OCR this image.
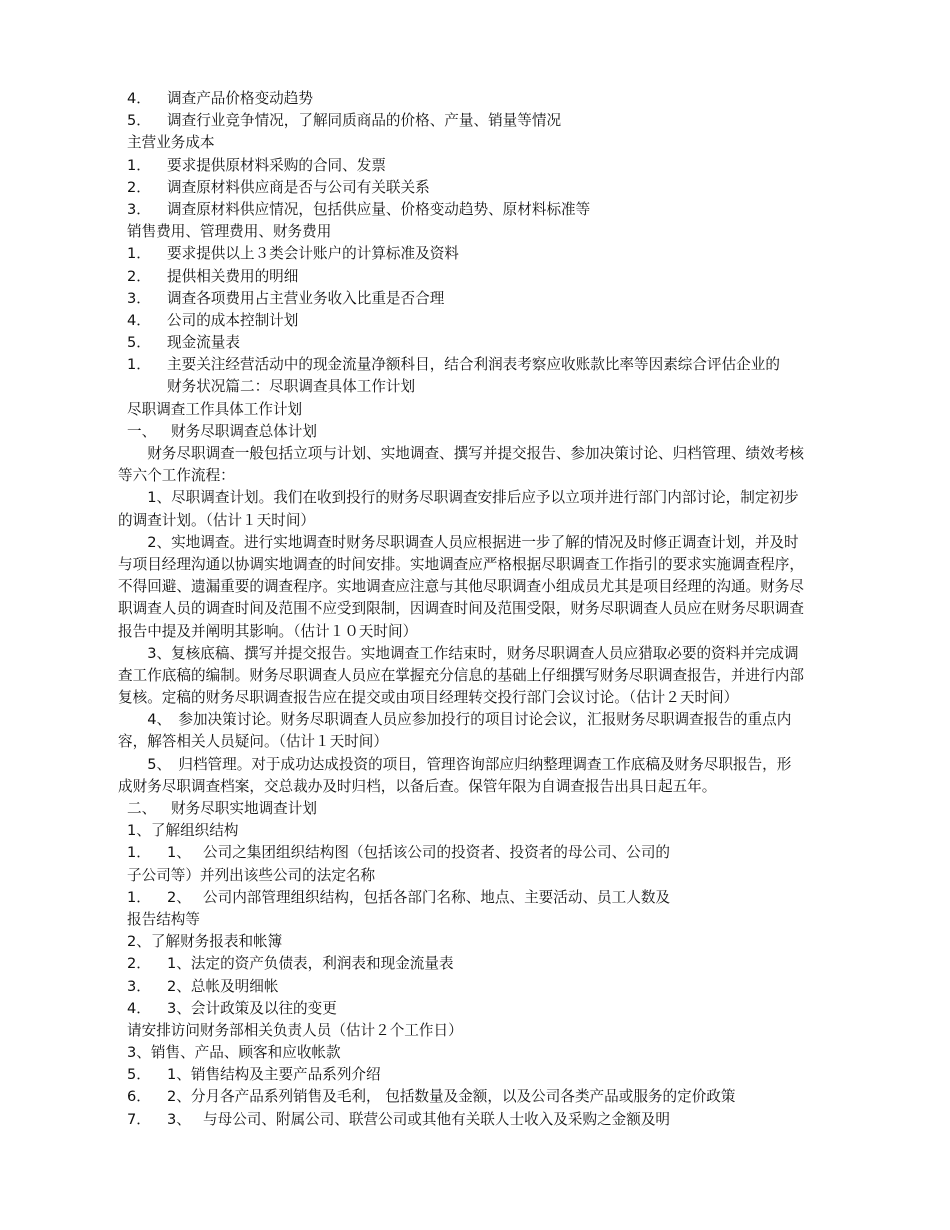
4． 调查产品价格变动趋势
5． 调查行业竞争情况，了解同质商品的价格、产量、销量等情况
主营业务成本
1． 要求提供原材料采购的合同、发票
2． 调查原材料供应商是否与公司有关联关系
3． 调查原材料供应情况，包括供应量、价格变动趋势、原材料标准等
销售费用、管理费用、财务费用
1． 要求提供以上３类会计账户的计算标准及资料
2． 提供相关费用的明细
3． 调查各项费用占主营业务收入比重是否合理
4． 公司的成本控制计划
5． 现金流量表
1． 主要关注经营活动中的现金流量净额科目，结合利润表考察应收账款比率等因素综合评估企业的
财务状况篇二：尽职调查具体工作计划
尽职调查工作具体工作计划
一、 财务尽职调查总体计划
　　财务尽职调查一般包括立项与计划、实地调查、撰写并提交报告、参加决策讨论、归档管理、绩效考核
等六个工作流程：
　　1、尽职调查计划。我们在收到投行的财务尽职调查安排后应予以立项并进行部门内部讨论，制定初步
的调查计划。（估计１天时间）
　　2、实地调查。进行实地调查时财务尽职调查人员应根据进一步了解的情况及时修正调查计划，并及时
与项目经理沟通以协调实地调查的时间安排。实地调查应严格根据尽职调查工作指引的要求实施调查程序，
不得回避、遗漏重要的调查程序。实地调查应注意与其他尽职调查小组成员尤其是项目经理的沟通。财务尽
职调查人员的调查时间及范围不应受到限制，因调查时间及范围受限，财务尽职调查人员应在财务尽职调查
报告中提及并阐明其影响。（估计１０天时间）
　　3、复核底稿、撰写并提交报告。实地调查工作结束时，财务尽职调查人员应猎取必要的资料并完成调
查工作底稿的编制。财务尽职调查人员应在掌握充分信息的基础上仔细撰写财务尽职调查报告，并进行内部
复核。定稿的财务尽职调查报告应在提交或由项目经理转交投行部门会议讨论。（估计２天时间）
　　4、　参加决策讨论。财务尽职调查人员应参加投行的项目讨论会议，汇报财务尽职调查报告的重点内
容，解答相关人员疑问。（估计１天时间）
　　5、　归档管理。对于成功达成投资的项目，管理咨询部应归纳整理调查工作底稿及财务尽职报告，形
成财务尽职调查档案，交总裁办及时归档，以备后查。保管年限为自调查报告出具日起五年。
二、 财务尽职实地调查计划
1、了解组织结构
1． 1、 公司之集团组织结构图（包括该公司的投资者、投资者的母公司、公司的
子公司等）并列出该些公司的法定名称
1． 2、 公司内部管理组织结构，包括各部门名称、地点、主要活动、员工人数及
报告结构等
2、了解财务报表和帐簿
2． 1、法定的资产负债表，利润表和现金流量表
3． 2、总帐及明细帐
4． 3、会计政策及以往的变更
请安排访问财务部相关负责人员（估计２个工作日）
3、销售、产品、顾客和应收帐款
5． 1、销售结构及主要产品系列介绍
6． 2、分月各产品系列销售及毛利， 包括数量及金额，以及公司各类产品或服务的定价政策
7． 3、 与母公司、附属公司、联营公司或其他有关联人士收入及采购之金额及明
